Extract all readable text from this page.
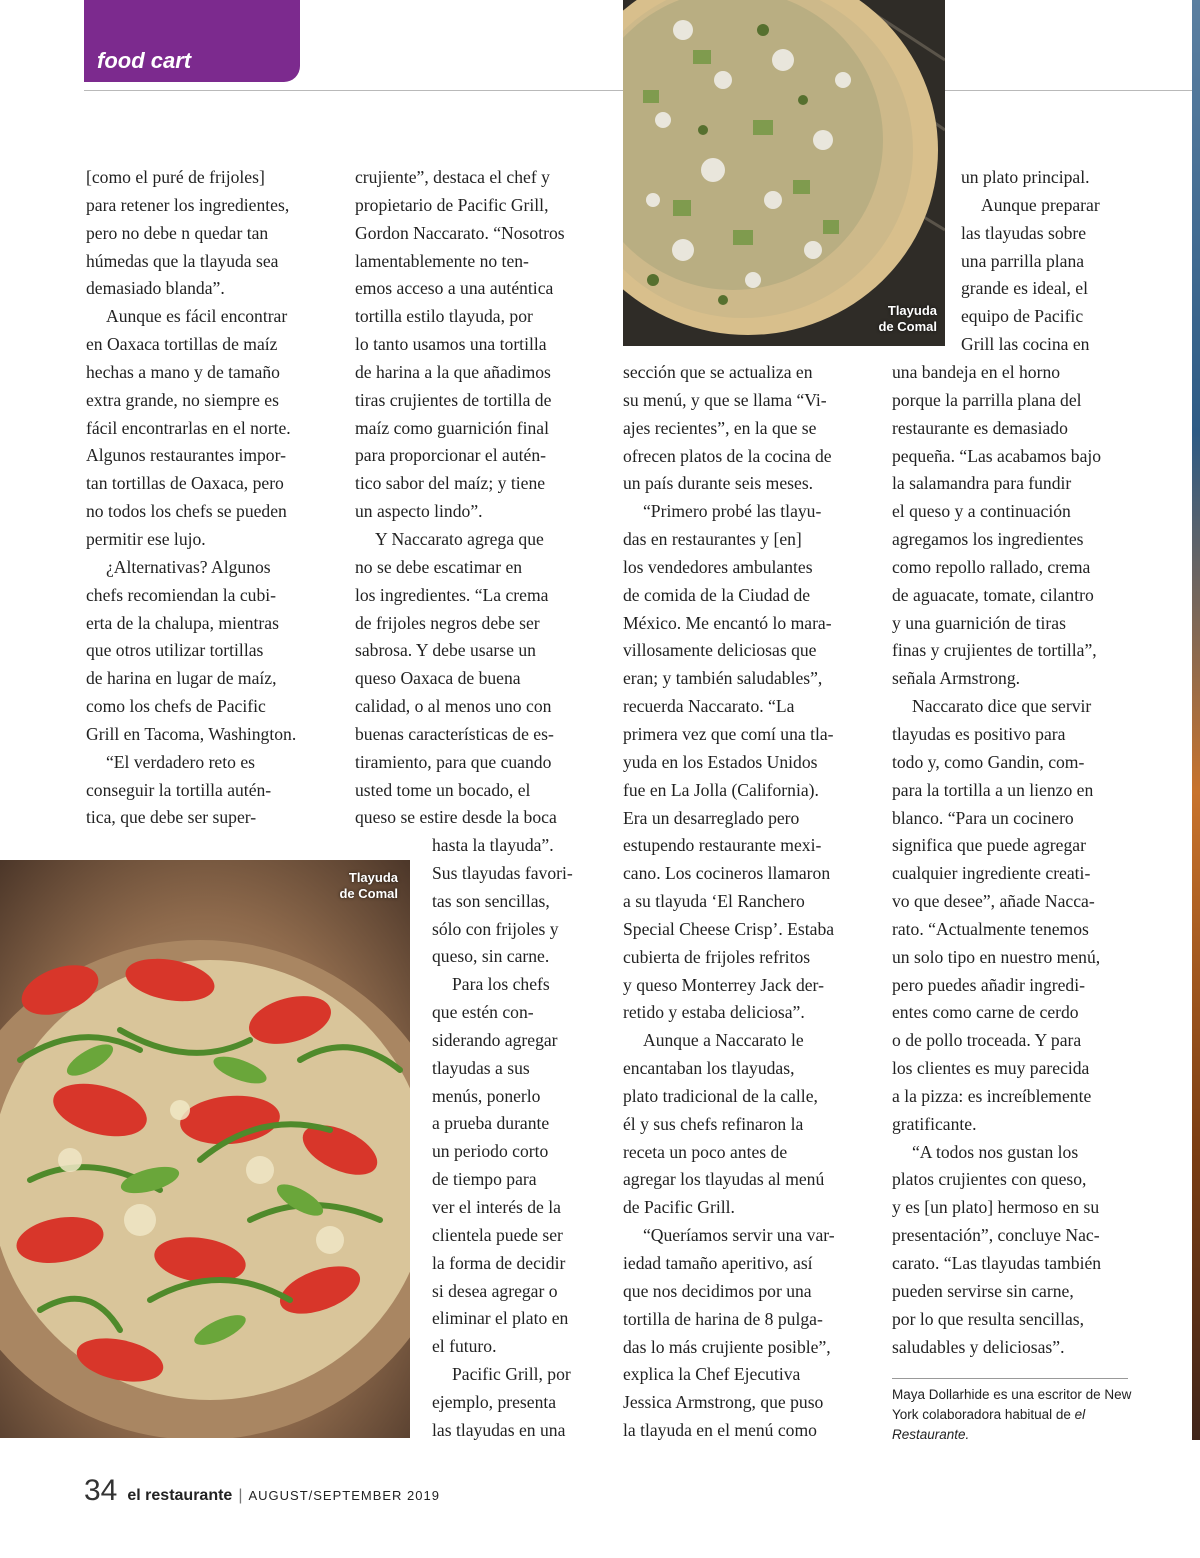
food cart
Tlayuda
de Comal
Tlayuda
de Comal
[como el puré de frijoles]
para retener los ingredientes,
pero no debe n quedar tan
húmedas que la tlayuda sea
demasiado blanda”.
Aunque es fácil encontrar
en Oaxaca tortillas de maíz
hechas a mano y de tamaño
extra grande, no siempre es
fácil encontrarlas en el norte.
Algunos restaurantes impor-
tan tortillas de Oaxaca, pero
no todos los chefs se pueden
permitir ese lujo.
¿Alternativas? Algunos
chefs recomiendan la cubi-
erta de la chalupa, mientras
que otros utilizar tortillas
de harina en lugar de maíz,
como los chefs de Pacific
Grill en Tacoma, Washington.
“El verdadero reto es
conseguir la tortilla autén-
tica, que debe ser super-
crujiente”, destaca el chef y
propietario de Pacific Grill,
Gordon Naccarato. “Nosotros
lamentablemente no ten-
emos acceso a una auténtica
tortilla estilo tlayuda, por
lo tanto usamos una tortilla
de harina a la que añadimos
tiras crujientes de tortilla de
maíz como guarnición final
para proporcionar el autén-
tico sabor del maíz; y tiene
un aspecto lindo”.
Y Naccarato agrega que
no se debe escatimar en
los ingredientes. “La crema
de frijoles negros debe ser
sabrosa. Y debe usarse un
queso Oaxaca de buena
calidad, o al menos uno con
buenas características de es-
tiramiento, para que cuando
usted tome un bocado, el
queso se estire desde la boca
hasta la tlayuda”.
Sus tlayudas favori-
tas son sencillas,
sólo con frijoles y
queso, sin carne.
Para los chefs
que estén con-
siderando agregar
tlayudas a sus
menús, ponerlo
a prueba durante
un periodo corto
de tiempo para
ver el interés de la
clientela puede ser
la forma de decidir
si desea agregar o
eliminar el plato en
el futuro.
Pacific Grill, por
ejemplo, presenta
las tlayudas en una
sección que se actualiza en
su menú, y que se llama “Vi-
ajes recientes”, en la que se
ofrecen platos de la cocina de
un país durante seis meses.
“Primero probé las tlayu-
das en restaurantes y [en]
los vendedores ambulantes
de comida de la Ciudad de
México. Me encantó lo mara-
villosamente deliciosas que
eran; y también saludables”,
recuerda Naccarato. “La
primera vez que comí una tla-
yuda en los Estados Unidos
fue en La Jolla (California).
Era un desarreglado pero
estupendo restaurante mexi-
cano. Los cocineros llamaron
a su tlayuda ‘El Ranchero
Special Cheese Crisp’. Estaba
cubierta de frijoles refritos
y queso Monterrey Jack der-
retido y estaba deliciosa”.
Aunque a Naccarato le
encantaban los tlayudas,
plato tradicional de la calle,
él y sus chefs refinaron la
receta un poco antes de
agregar los tlayudas al menú
de Pacific Grill.
“Queríamos servir una var-
iedad tamaño aperitivo, así
que nos decidimos por una
tortilla de harina de 8 pulga-
das lo más crujiente posible”,
explica la Chef Ejecutiva
Jessica Armstrong, que puso
la tlayuda en el menú como
un plato principal.
Aunque preparar
las tlayudas sobre
una parrilla plana
grande es ideal, el
equipo de Pacific
Grill las cocina en
una bandeja en el horno
porque la parrilla plana del
restaurante es demasiado
pequeña. “Las acabamos bajo
la salamandra para fundir
el queso y a continuación
agregamos los ingredientes
como repollo rallado, crema
de aguacate, tomate, cilantro
y una guarnición de tiras
finas y crujientes de tortilla”,
señala Armstrong.
Naccarato dice que servir
tlayudas es positivo para
todo y, como Gandin, com-
para la tortilla a un lienzo en
blanco. “Para un cocinero
significa que puede agregar
cualquier ingrediente creati-
vo que desee”, añade Nacca-
rato. “Actualmente tenemos
un solo tipo en nuestro menú,
pero puedes añadir ingredi-
entes como carne de cerdo
o de pollo troceada. Y para
los clientes es muy parecida
a la pizza: es increíblemente
gratificante.
“A todos nos gustan los
platos crujientes con queso,
y es [un plato] hermoso en su
presentación”, concluye Nac-
carato. “Las tlayudas también
pueden servirse sin carne,
por lo que resulta sencillas,
saludables y deliciosas”.
Maya Dollarhide es una escritor de New York colaboradora habitual de el Restaurante.
34 el restaurante | AUGUST/SEPTEMBER 2019
